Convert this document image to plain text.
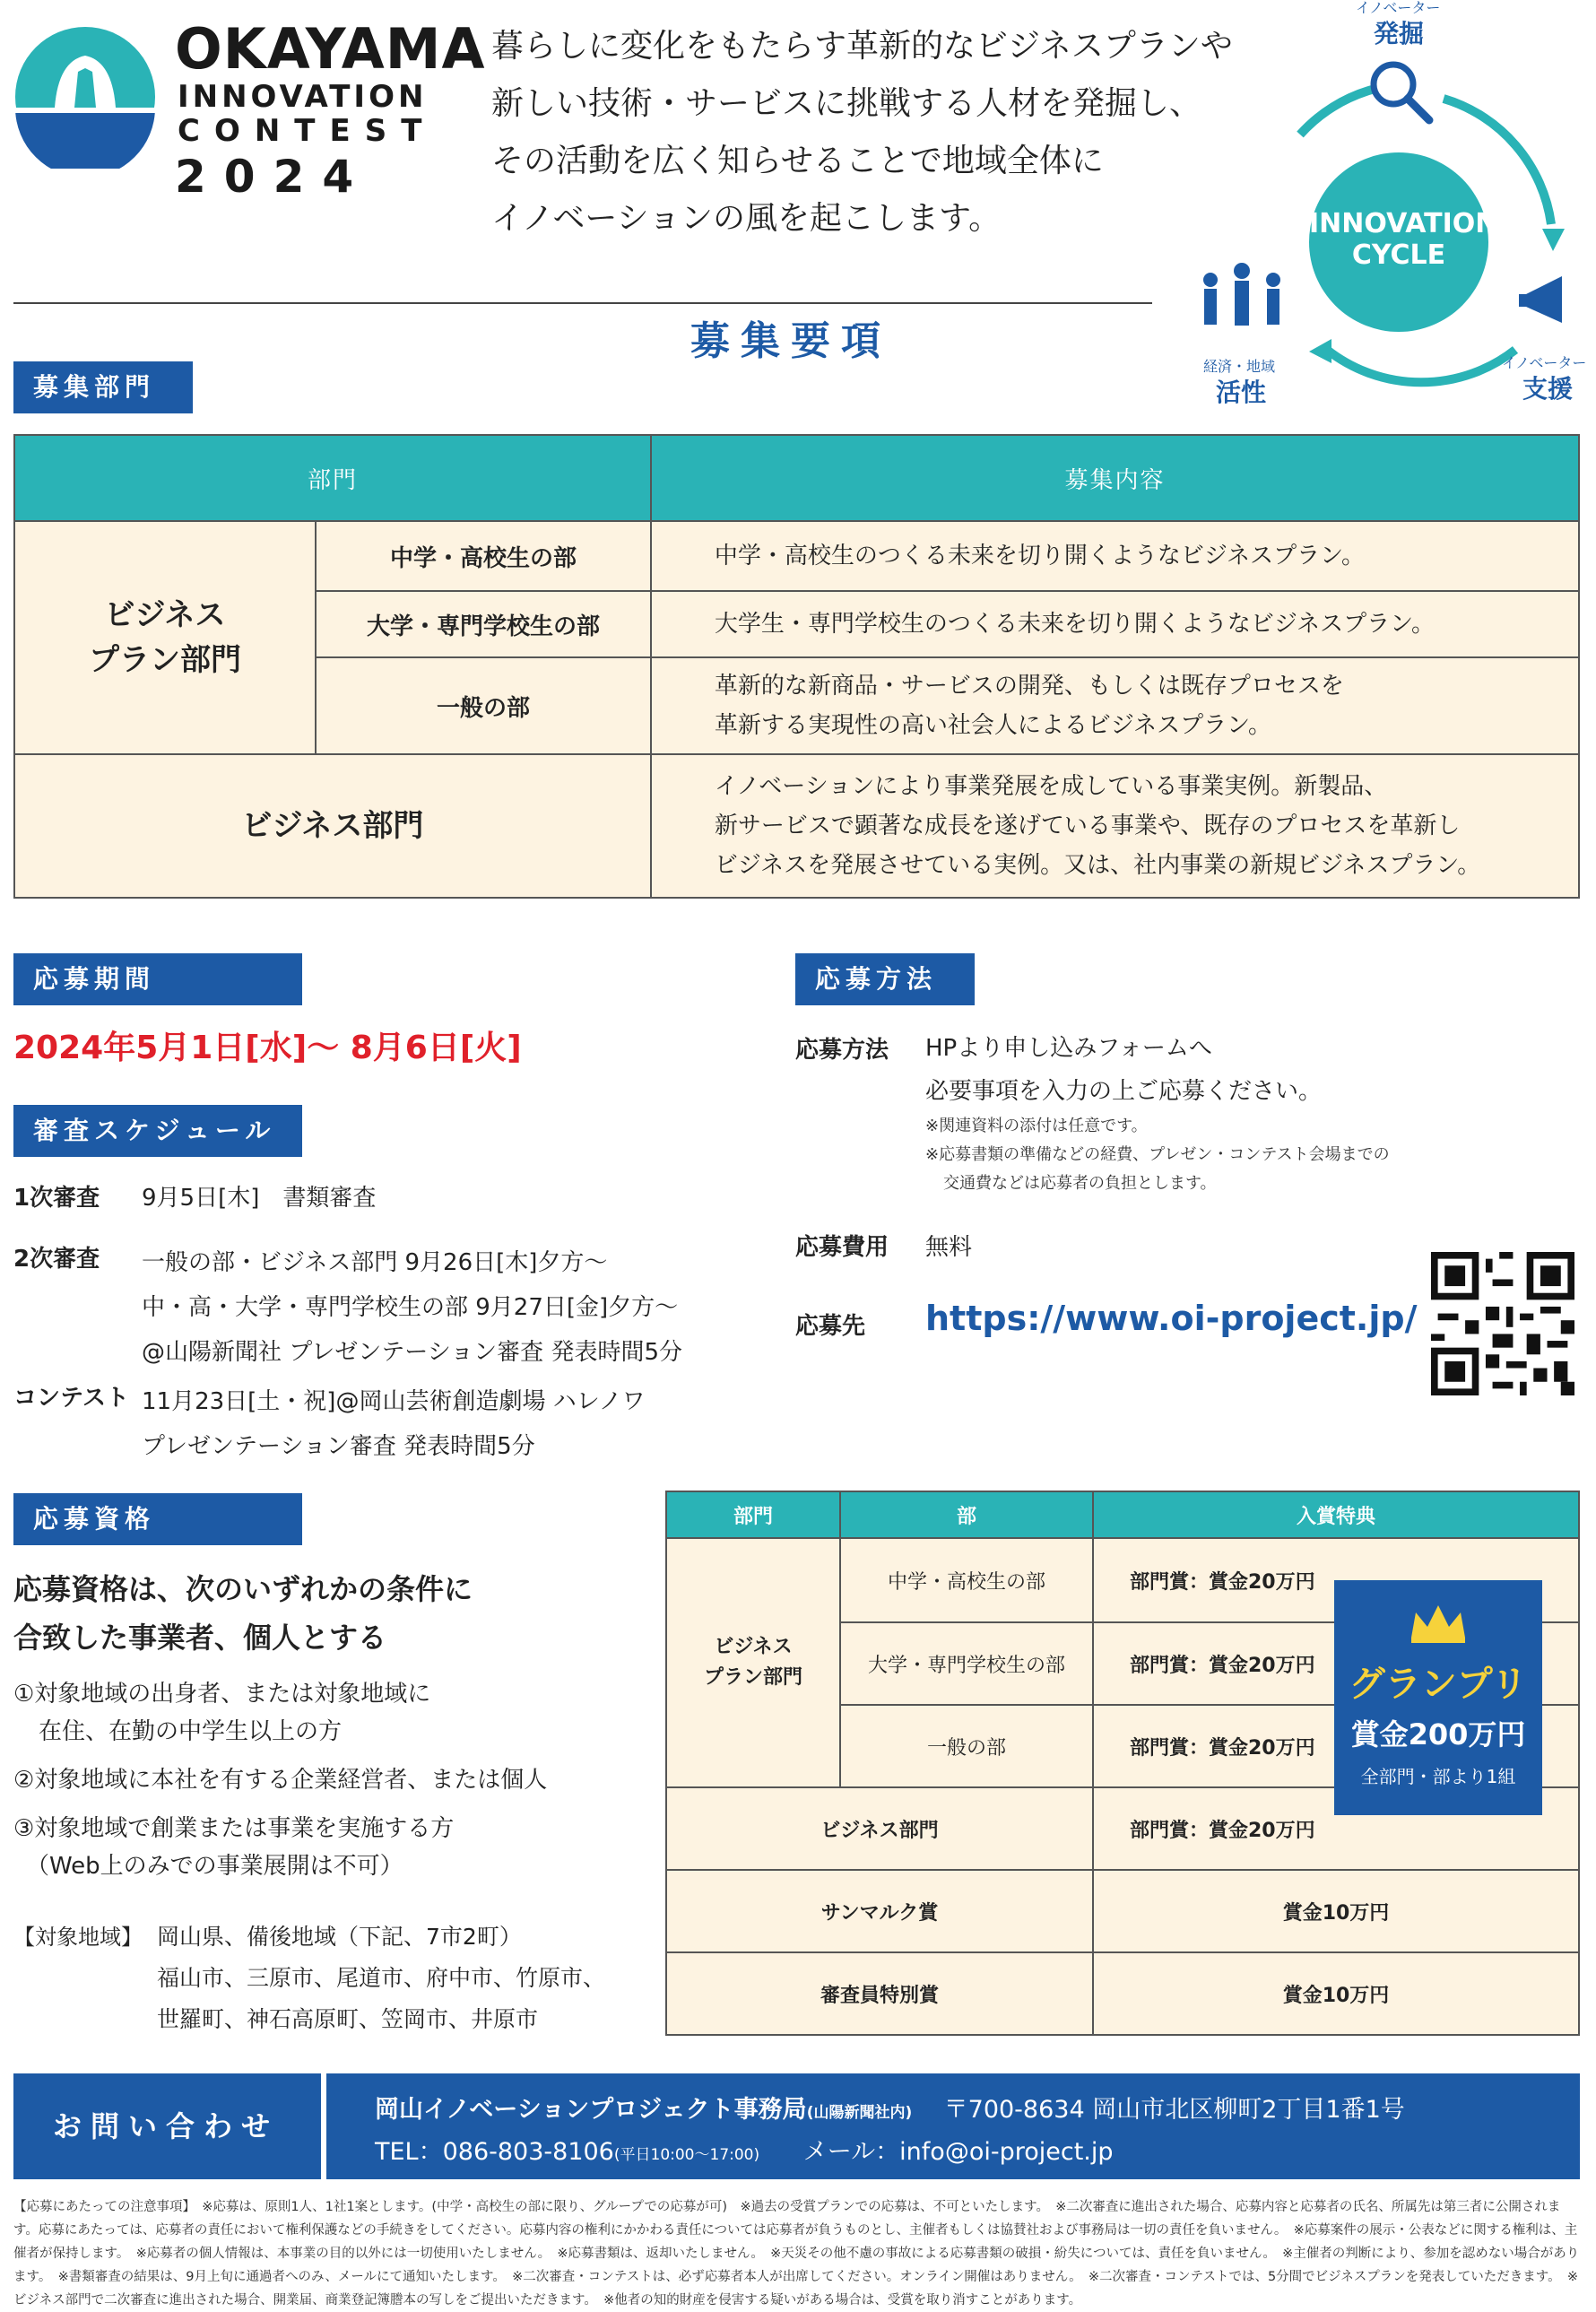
OKAYAMA
INNOVATION
CONTEST
2024
暮らしに変化をもたらす革新的なビジネスプランや
新しい技術・サービスに挑戦する人材を発掘し、
その活動を広く知らせることで地域全体に
イノベーションの風を起こします。	INNOVATION
CYCLE
イノベーター
発掘
イノベーター
支援
経済・地域
活性
募集要項
募集部門
部門		募集内容

ビジネス
プラン部門	中学・高校生の部	中学・高校生のつくる未来を切り開くようなビジネスプラン。
	大学・専門学校生の部	大学生・専門学校生のつくる未来を切り開くようなビジネスプラン。
	一般の部	革新的な新商品・サービスの開発、もしくは既存プロセスを
革新する実現性の高い社会人によるビジネスプラン。

ビジネス部門		イノベーションにより事業発展を成している事業実例。新製品、
新サービスで顕著な成長を遂げている事業や、既存のプロセスを革新し
ビジネスを発展させている実例。又は、社内事業の新規ビジネスプラン。
応募期間
2024年5月1日[水]～ 8月6日[火]
審査スケジュール
1次審査 9月5日[木]　書類審査
2次審査 一般の部・ビジネス部門 9月26日[木]夕方～
中・高・大学・専門学校生の部 9月27日[金]夕方～
@山陽新聞社 プレゼンテーション審査 発表時間5分
コンテスト 11月23日[土・祝]@岡山芸術創造劇場 ハレノワ
プレゼンテーション審査 発表時間5分
応募方法
応募方法 HPより申し込みフォームへ
必要事項を入力の上ご応募ください。
※関連資料の添付は任意です。
※応募書類の準備などの経費、プレゼン・コンテスト会場までの
交通費などは応募者の負担とします。
応募費用 無料
応募先 https://www.oi-project.jp/
応募資格
応募資格は、次のいずれかの条件に
合致した事業者、個人とする
①対象地域の出身者、または対象地域に
在住、在勤の中学生以上の方
②対象地域に本社を有する企業経営者、または個人
③対象地域で創業または事業を実施する方
（Web上のみでの事業展開は不可）
【対象地域】 岡山県、備後地域（下記、7市2町）
福山市、三原市、尾道市、府中市、竹原市、
世羅町、神石高原町、笠岡市、井原市
部門	部	入賞特典

ビジネス
プラン部門	中学・高校生の部	部門賞：賞金20万円
	大学・専門学校生の部	部門賞：賞金20万円
	一般の部	部門賞：賞金20万円
ビジネス部門		部門賞：賞金20万円
サンマルク賞		賞金10万円
審査員特別賞		賞金10万円
グランプリ
賞金200万円
全部門・部より1組
お問い合わせ	岡山イノベーションプロジェクト事務局(山陽新聞社内) 〒700-8634 岡山市北区柳町2丁目1番1号
TEL：086-803-8106(平日10:00～17:00) メール：info@oi-project.jp
【応募にあたっての注意事項】　※応募は、原則1人、1社1案とします。(中学・高校生の部に限り、グループでの応募が可)　※過去の受賞プランでの応募は、不可といたします。　※二次審査に進出された場合、応募内容と応募者の氏名、所属先は第三者に公開されます。応募にあたっては、応募者の責任において権利保護などの手続きをしてください。応募内容の権利にかかわる責任については応募者が負うものとし、主催者もしくは協賛社および事務局は一切の責任を負いません。　※応募案件の展示・公表などに関する権利は、主催者が保持します。　※応募者の個人情報は、本事業の目的以外には一切使用いたしません。　※応募書類は、返却いたしません。　※天災その他不慮の事故による応募書類の破損・紛失については、責任を負いません。　※主催者の判断により、参加を認めない場合があります。　※書類審査の結果は、9月上旬に通過者へのみ、メールにて通知いたします。　※二次審査・コンテストは、必ず応募者本人が出席してください。オンライン開催はありません。　※二次審査・コンテストでは、5分間でビジネスプランを発表していただきます。　※ビジネス部門で二次審査に進出された場合、開業届、商業登記簿謄本の写しをご提出いただきます。　※他者の知的財産を侵害する疑いがある場合は、受賞を取り消すことがあります。
